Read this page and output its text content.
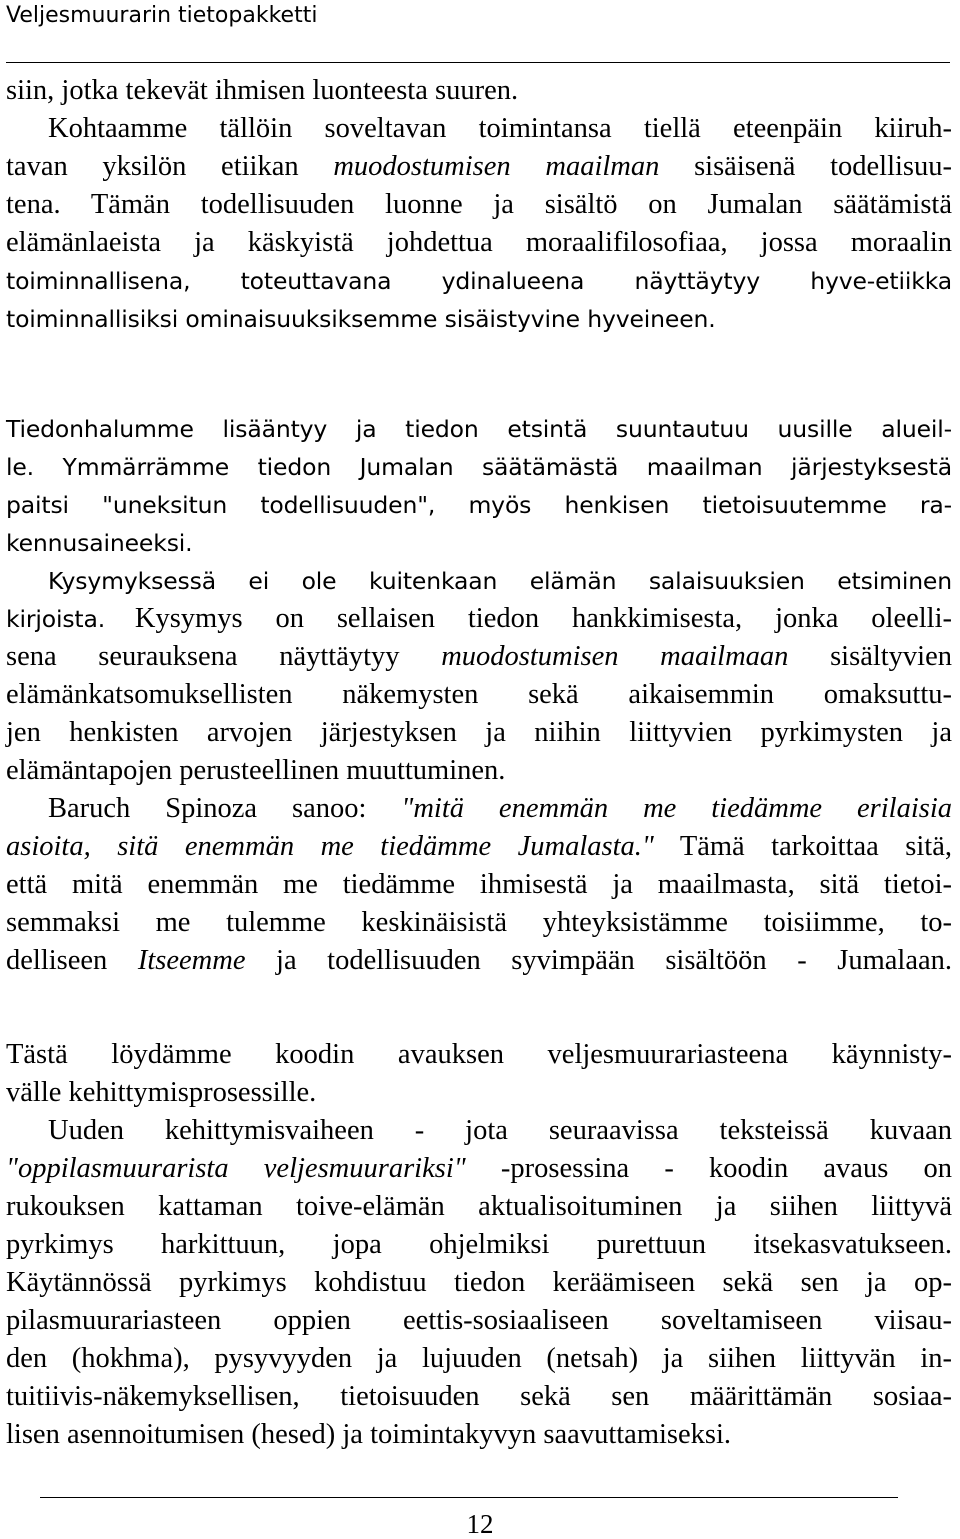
Veljesmuurarin tietopakketti
siin, jotka tekevät ihmisen luonteesta suuren.
Kohtaamme tällöin soveltavan toimintansa tiellä eteenpäin kiiruh-
tavan yksilön etiikan muodostumisen maailman sisäisenä todellisuu-
tena. Tämän todellisuuden luonne ja sisältö on Jumalan säätämistä
elämänlaeista ja käskyistä johdettua moraalifilosofiaa, jossa moraalin
toiminnallisena, toteuttavana ydinalueena näyttäytyy hyve-etiikka
toiminnallisiksi ominaisuuksiksemme sisäistyvine hyveineen.
Tiedonhalumme lisääntyy ja tiedon etsintä suuntautuu uusille alueil-
le. Ymmärrämme tiedon Jumalan säätämästä maailman järjestyksestä
paitsi "uneksitun todellisuuden", myös henkisen tietoisuutemme ra-
kennusaineeksi.
Kysymyksessä ei ole kuitenkaan elämän salaisuuksien etsiminen
kirjoista. Kysymys on sellaisen tiedon hankkimisesta, jonka oleelli-
sena seurauksena näyttäytyy muodostumisen maailmaan sisältyvien
elämänkatsomuksellisten näkemysten sekä aikaisemmin omaksuttu-
jen henkisten arvojen järjestyksen ja niihin liittyvien pyrkimysten ja
elämäntapojen perusteellinen muuttuminen.
Baruch Spinoza sanoo: "mitä enemmän me tiedämme erilaisia
asioita, sitä enemmän me tiedämme Jumalasta." Tämä tarkoittaa sitä,
että mitä enemmän me tiedämme ihmisestä ja maailmasta, sitä tietoi-
semmaksi me tulemme keskinäisistä yhteyksistämme toisiimme, to-
delliseen Itseemme ja todellisuuden syvimpään sisältöön - Jumalaan.
Tästä löydämme koodin avauksen veljesmuurariasteena käynnisty-
välle kehittymisprosessille.
Uuden kehittymisvaiheen - jota seuraavissa teksteissä kuvaan
"oppilasmuurarista veljesmuurariksi" -prosessina - koodin avaus on
rukouksen kattaman toive-elämän aktualisoituminen ja siihen liittyvä
pyrkimys harkittuun, jopa ohjelmiksi purettuun itsekasvatukseen.
Käytännössä pyrkimys kohdistuu tiedon keräämiseen sekä sen ja op-
pilasmuurariasteen oppien eettis-sosiaaliseen soveltamiseen viisau-
den (hokhma), pysyvyyden ja lujuuden (netsah) ja siihen liittyvän in-
tuitiivis-näkemyksellisen, tietoisuuden sekä sen määrittämän sosiaa-
lisen asennoitumisen (hesed) ja toimintakyvyn saavuttamiseksi.
12
